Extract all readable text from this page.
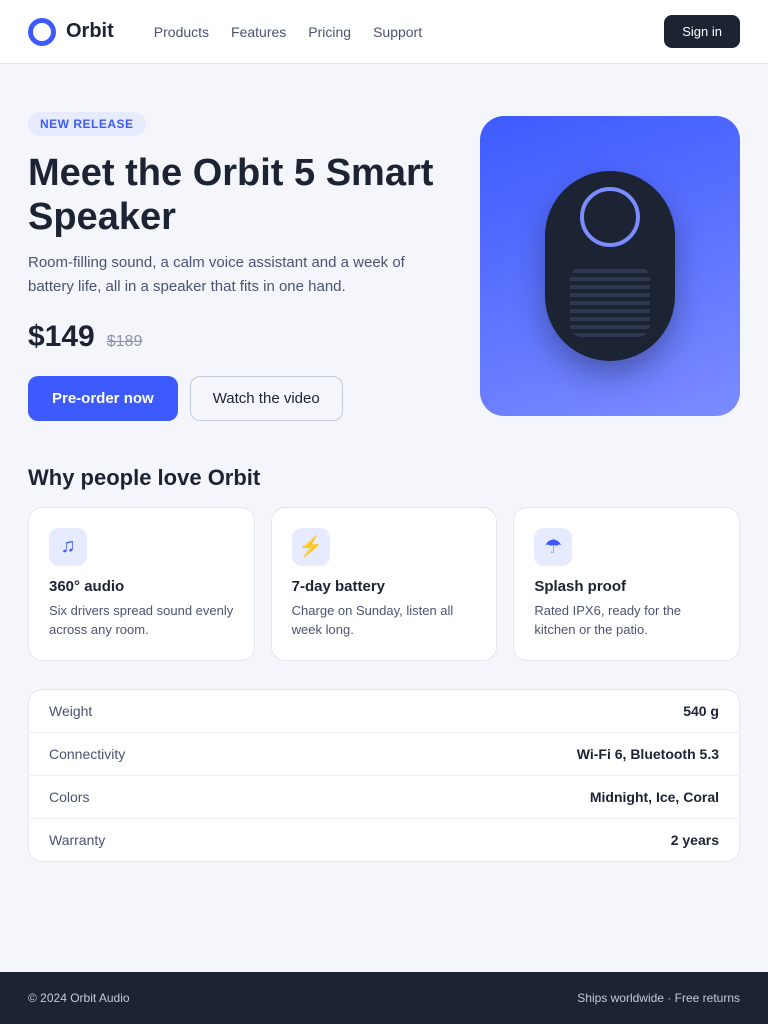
Orbit	Products Features Pricing Support	Sign in
NEW RELEASE
Meet the Orbit 5 Smart Speaker

Room-filling sound, a calm voice assistant and a week of battery life, all in a speaker that fits in one hand.

$149 $189
Pre-order now	Watch the video
Why people love Orbit
♫
360° audio
Six drivers spread sound evenly across any room.
⚡
7-day battery
Charge on Sunday, listen all week long.
☂
Splash proof
Rated IPX6, ready for the kitchen or the patio.
Weight	540 g
Connectivity	Wi-Fi 6, Bluetooth 5.3
Colors	Midnight, Ice, Coral
Warranty	2 years
© 2024 Orbit Audio	Ships worldwide · Free returns
